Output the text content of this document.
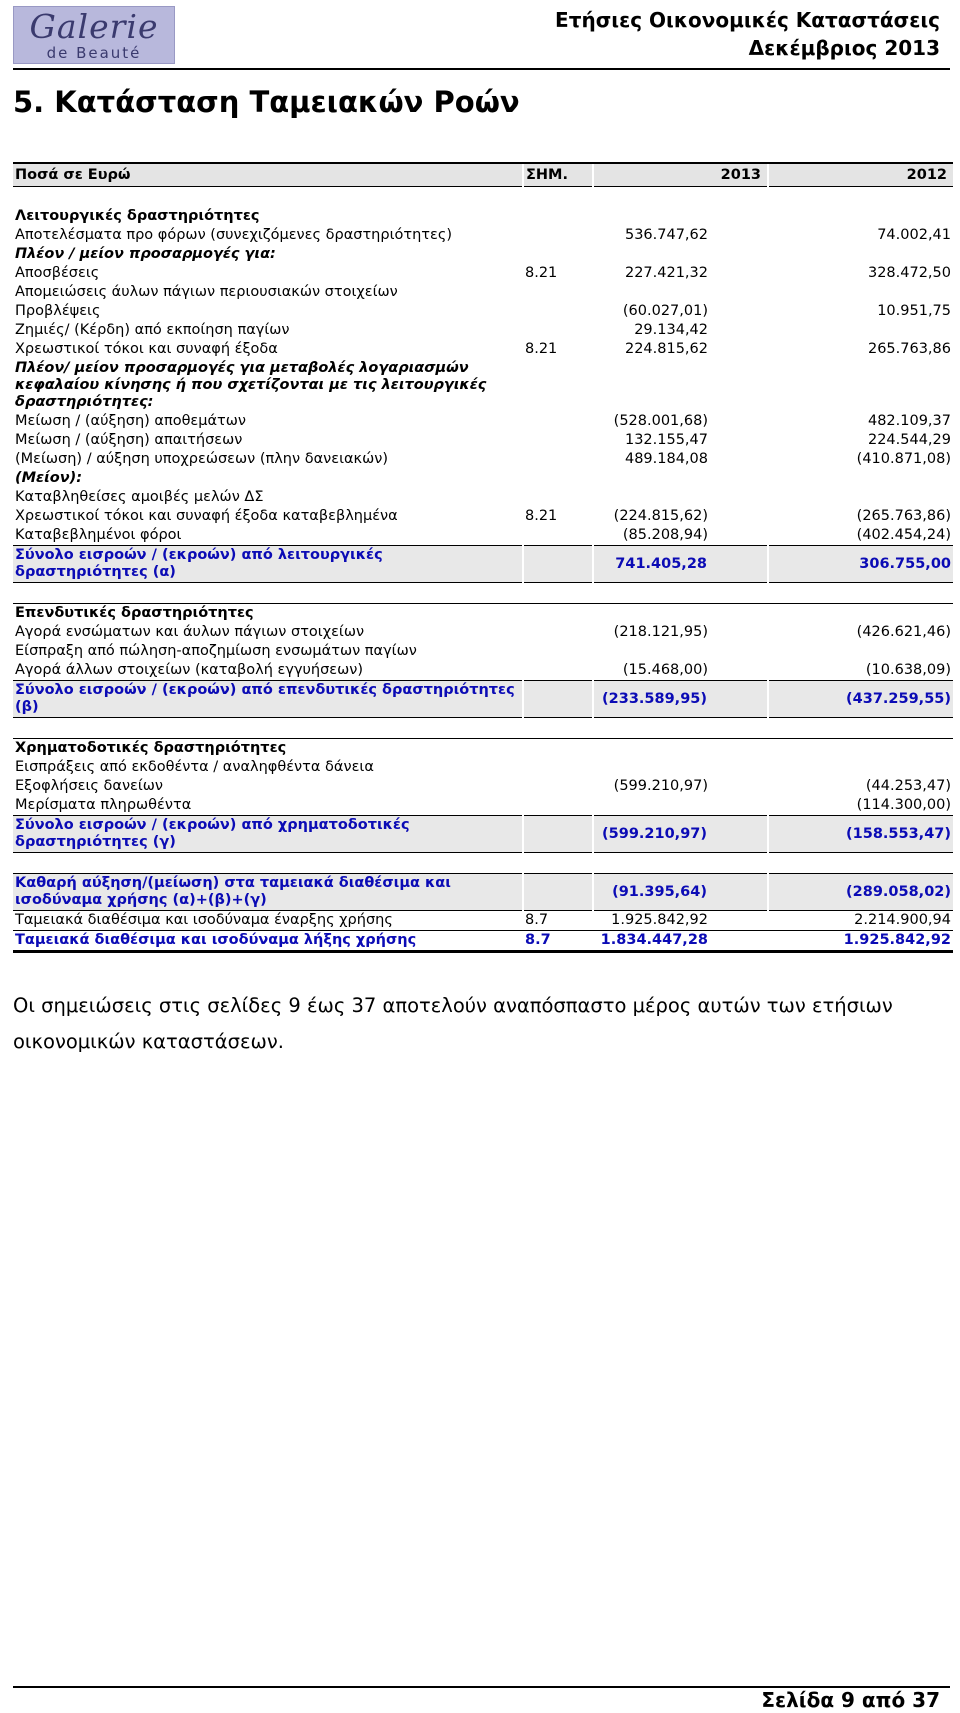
Galerie
de Beauté
Ετήσιες Οικονομικές Καταστάσεις
Δεκέμβριος 2013
5. Κατάσταση Ταμειακών Ροών
Ποσά σε Ευρώ	ΣΗΜ.	2013	2012

Λειτουργικές δραστηριότητες			
Αποτελέσματα προ φόρων (συνεχιζόμενες δραστηριότητες)		536.747,62	74.002,41
Πλέον / μείον προσαρμογές για:			
Αποσβέσεις	8.21	227.421,32	328.472,50
Απομειώσεις άυλων πάγιων περιουσιακών στοιχείων			
Προβλέψεις		(60.027,01)	10.951,75
Ζημιές/ (Κέρδη) από εκποίηση παγίων		29.134,42	
Χρεωστικοί τόκοι και συναφή έξοδα	8.21	224.815,62	265.763,86
Πλέον/ μείον προσαρμογές για μεταβολές λογαριασμών κεφαλαίου κίνησης ή που σχετίζονται με τις λειτουργικές δραστηριότητες:			
Μείωση / (αύξηση) αποθεμάτων		(528.001,68)	482.109,37
Μείωση / (αύξηση) απαιτήσεων		132.155,47	224.544,29
(Μείωση) / αύξηση υποχρεώσεων (πλην δανειακών)		489.184,08	(410.871,08)
(Μείον):			
Καταβληθείσες αμοιβές μελών ΔΣ			
Χρεωστικοί τόκοι και συναφή έξοδα καταβεβλημένα	8.21	(224.815,62)	(265.763,86)
Καταβεβλημένοι φόροι		(85.208,94)	(402.454,24)
Σύνολο εισροών / (εκροών) από λειτουργικές δραστηριότητες (α)		741.405,28	306.755,00

Επενδυτικές δραστηριότητες			
Αγορά ενσώματων και άυλων πάγιων στοιχείων		(218.121,95)	(426.621,46)
Είσπραξη από πώληση-αποζημίωση ενσωμάτων παγίων			
Αγορά άλλων στοιχείων (καταβολή εγγυήσεων)		(15.468,00)	(10.638,09)
Σύνολο εισροών / (εκροών) από επενδυτικές δραστηριότητες (β)		(233.589,95)	(437.259,55)

Χρηματοδοτικές δραστηριότητες			
Εισπράξεις από εκδοθέντα / αναληφθέντα δάνεια			
Εξοφλήσεις δανείων		(599.210,97)	(44.253,47)
Μερίσματα πληρωθέντα			(114.300,00)
Σύνολο εισροών / (εκροών) από χρηματοδοτικές δραστηριότητες (γ)		(599.210,97)	(158.553,47)

Καθαρή αύξηση/(μείωση) στα ταμειακά διαθέσιμα και ισοδύναμα χρήσης (α)+(β)+(γ)		(91.395,64)	(289.058,02)
Ταμειακά διαθέσιμα και ισοδύναμα έναρξης χρήσης	8.7	1.925.842,92	2.214.900,94
Ταμειακά διαθέσιμα και ισοδύναμα λήξης χρήσης	8.7	1.834.447,28	1.925.842,92
Οι σημειώσεις στις σελίδες 9 έως 37 αποτελούν αναπόσπαστο μέρος αυτών των ετήσιων οικονομικών καταστάσεων.
Σελίδα 9 από 37
